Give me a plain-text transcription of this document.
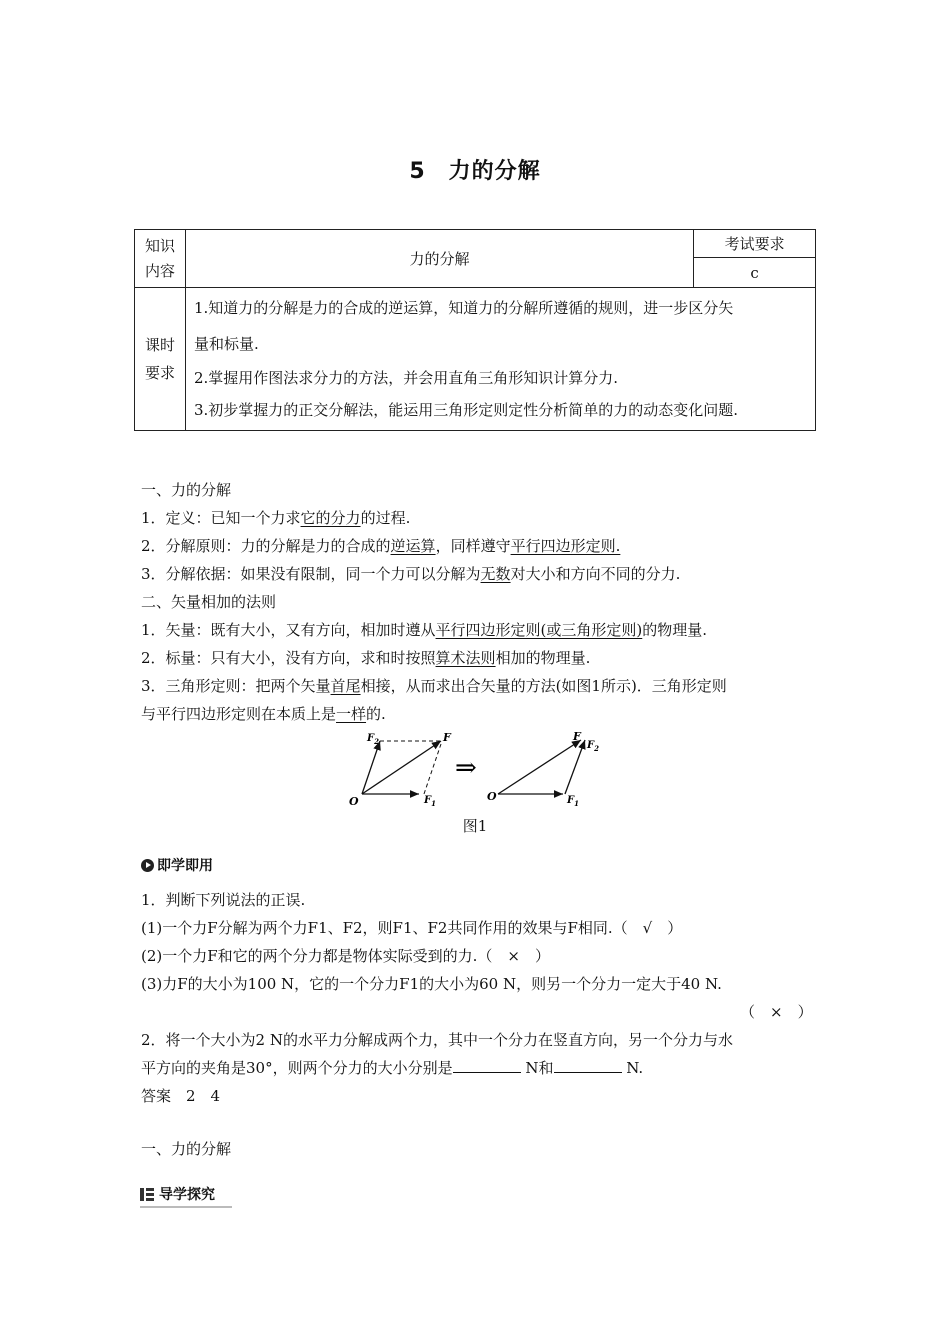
5　力的分解
知识内容	力的分解	考试要求
		c

课时要求	1.知道力的分解是力的合成的逆运算，知道力的分解所遵循的规则，进一步区分矢
量和标量.
2.掌握用作图法求分力的方法，并会用直角三角形知识计算分力.
3.初步掌握力的正交分解法，能运用三角形定则定性分析简单的力的动态变化问题.	
一、力的分解
1．定义：已知一个力求它的分力的过程.
2．分解原则：力的分解是力的合成的逆运算，同样遵守平行四边形定则.
3．分解依据：如果没有限制，同一个力可以分解为无数对大小和方向不同的分力.
二、矢量相加的法则
1．矢量：既有大小，又有方向，相加时遵从平行四边形定则(或三角形定则)的物理量.
2．标量：只有大小，没有方向，求和时按照算术法则相加的物理量.
3．三角形定则：把两个矢量首尾相接，从而求出合矢量的方法(如图1所示)．三角形定则
与平行四边形定则在本质上是一样的.
O
$F_2$	F
$F_1$
⇒
O
F
$F_2$
$F_1$
图1
即学即用
1．判断下列说法的正误.
(1)一个力F分解为两个力F1、F2，则F1、F2共同作用的效果与F相同.（　√　）
(2)一个力F和它的两个分力都是物体实际受到的力.（　×　）
(3)力F的大小为100 N，它的一个分力F1的大小为60 N，则另一个分力一定大于40 N.
（　×　）
2．将一个大小为2 N的水平力分解成两个力，其中一个分力在竖直方向，另一个分力与水
平方向的夹角是30°，则两个分力的大小分别是	N和	N.
答案　2　4
一、力的分解
导学探究
